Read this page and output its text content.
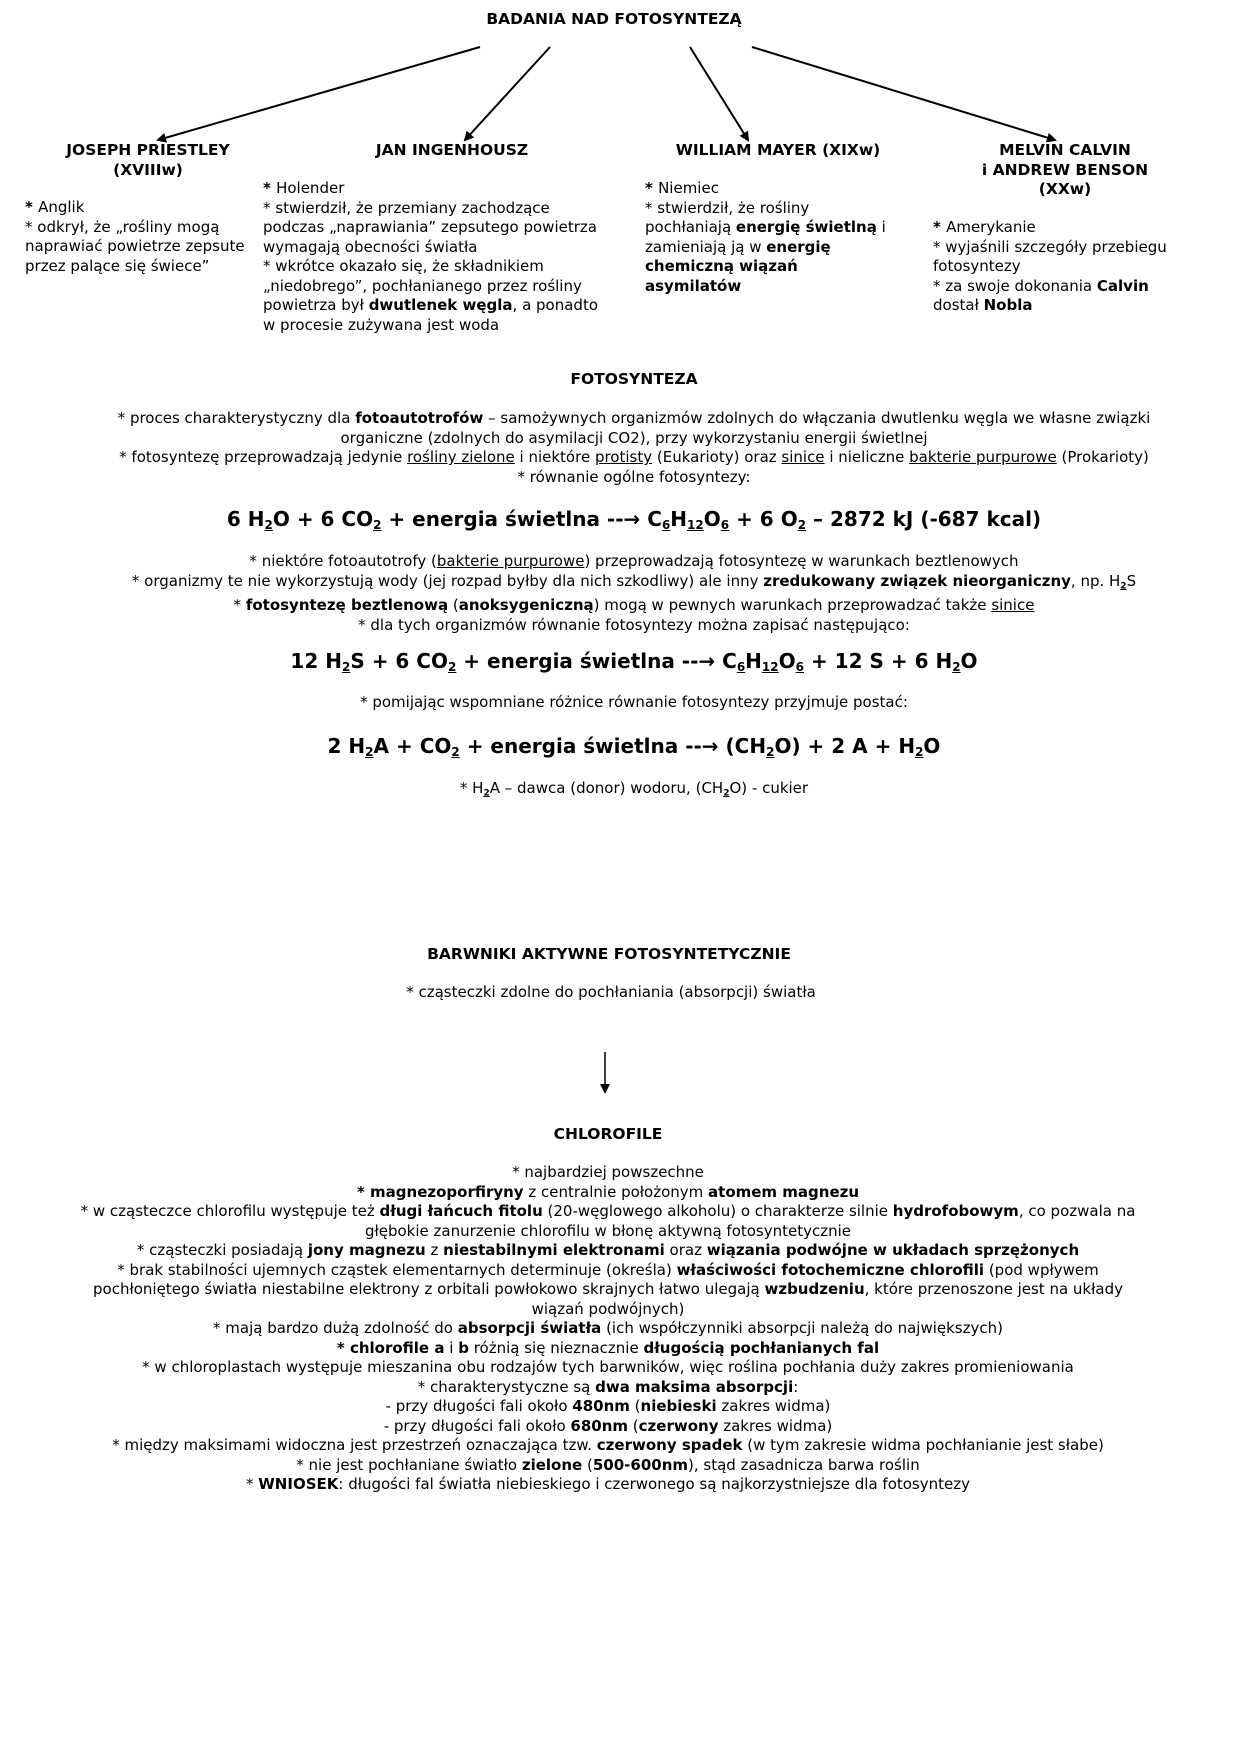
BADANIA NAD FOTOSYNTEZĄ
JOSEPH PRIESTLEY
(XVIIIw)
* Anglik
* odkrył, że „rośliny mogą
naprawiać powietrze zepsute
przez palące się świece”
JAN INGENHOUSZ
* Holender
* stwierdził, że przemiany zachodzące
podczas „naprawiania” zepsutego powietrza
wymagają obecności światła
* wkrótce okazało się, że składnikiem
„niedobrego”, pochłanianego przez rośliny
powietrza był dwutlenek węgla, a ponadto
w procesie zużywana jest woda
WILLIAM MAYER (XIXw)
* Niemiec
* stwierdził, że rośliny
pochłaniają energię świetlną i
zamieniają ją w energię
chemiczną wiązań
asymilatów
MELVIN CALVIN
i ANDREW BENSON
(XXw)
* Amerykanie
* wyjaśnili szczegóły przebiegu
fotosyntezy
* za swoje dokonania Calvin
dostał Nobla
FOTOSYNTEZA
* proces charakterystyczny dla fotoautotrofów – samożywnych organizmów zdolnych do włączania dwutlenku węgla we własne związki
organiczne (zdolnych do asymilacji CO2), przy wykorzystaniu energii świetlnej
* fotosyntezę przeprowadzają jedynie rośliny zielone i niektóre protisty (Eukarioty) oraz sinice i nieliczne bakterie purpurowe (Prokarioty)
* równanie ogólne fotosyntezy:
6 $H_2O + 6$ $CO_2$ + energia świetlna --→ $C_6H_{12}O_6 + 6$ $O_2 - 2872$ kJ (-687 kcal)
* niektóre fotoautotrofy (bakterie purpurowe) przeprowadzają fotosyntezę w warunkach beztlenowych
* organizmy te nie wykorzystują wody (jej rozpad byłby dla nich szkodliwy) ale inny zredukowany związek nieorganiczny, np. $H_2S$
* fotosyntezę beztlenową (anoksygeniczną) mogą w pewnych warunkach przeprowadzać także sinice
* dla tych organizmów równanie fotosyntezy można zapisać następująco:
12 $H_2S + 6$ $CO_2$ + energia świetlna --→ $C_6H_{12}O_6 + 12$ S + 6 $H_2O$
* pomijając wspomniane różnice równanie fotosyntezy przyjmuje postać:
2 $H_2A + CO_2$ + energia świetlna --→ $(CH_2O) + 2$ $A + H_2O$
* $H_2A$ – dawca (donor) wodoru, $(CH_2O)$ - cukier
BARWNIKI AKTYWNE FOTOSYNTETYCZNIE
* cząsteczki zdolne do pochłaniania (absorpcji) światła
CHLOROFILE
* najbardziej powszechne
* magnezoporfiryny z centralnie położonym atomem magnezu
* w cząsteczce chlorofilu występuje też długi łańcuch fitolu (20-węglowego alkoholu) o charakterze silnie hydrofobowym, co pozwala na
głębokie zanurzenie chlorofilu w błonę aktywną fotosyntetycznie
* cząsteczki posiadają jony magnezu z niestabilnymi elektronami oraz wiązania podwójne w układach sprzężonych
* brak stabilności ujemnych cząstek elementarnych determinuje (określa) właściwości fotochemiczne chlorofili (pod wpływem
pochłoniętego światła niestabilne elektrony z orbitali powłokowo skrajnych łatwo ulegają wzbudzeniu, które przenoszone jest na układy
wiązań podwójnych)
* mają bardzo dużą zdolność do absorpcji światła (ich współczynniki absorpcji należą do największych)
* chlorofile a i b różnią się nieznacznie długością pochłanianych fal
* w chloroplastach występuje mieszanina obu rodzajów tych barwników, więc roślina pochłania duży zakres promieniowania
* charakterystyczne są dwa maksima absorpcji:
- przy długości fali około 480nm (niebieski zakres widma)
- przy długości fali około 680nm (czerwony zakres widma)
* między maksimami widoczna jest przestrzeń oznaczająca tzw. czerwony spadek (w tym zakresie widma pochłanianie jest słabe)
* nie jest pochłaniane światło zielone (500-600nm), stąd zasadnicza barwa roślin
* WNIOSEK: długości fal światła niebieskiego i czerwonego są najkorzystniejsze dla fotosyntezy
